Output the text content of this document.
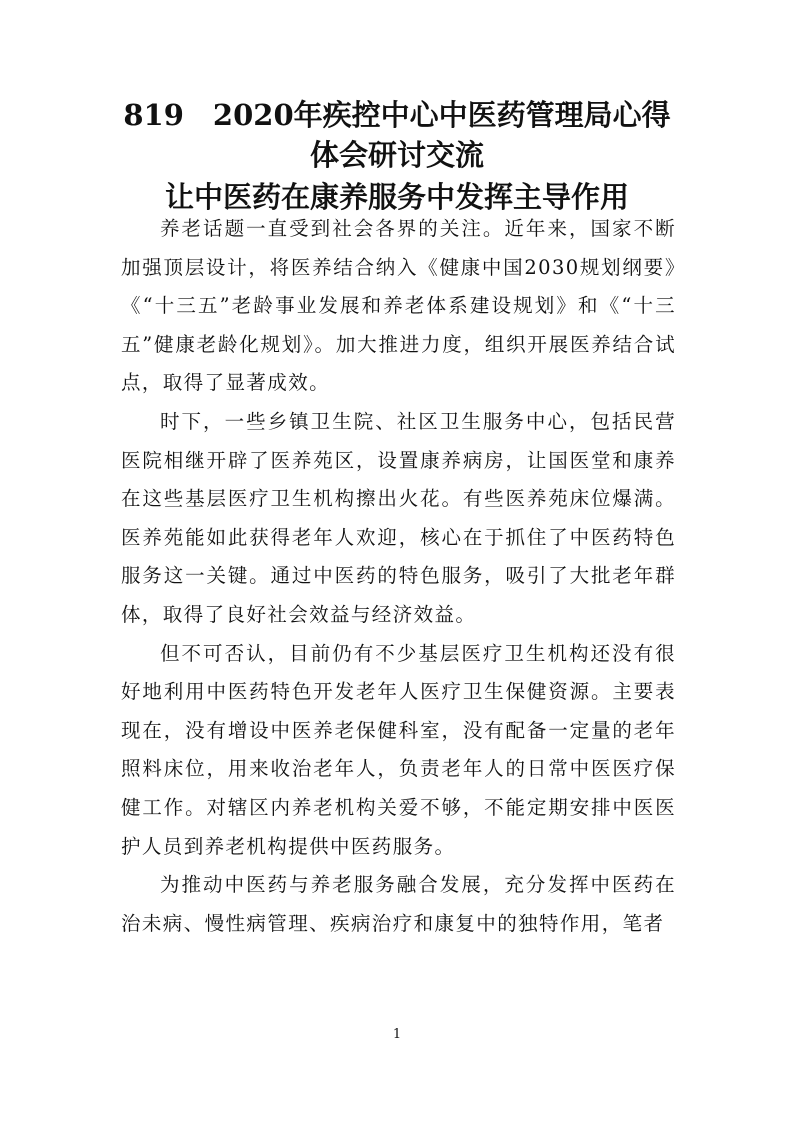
819　2020年疾控中心中医药管理局心得
体会研讨交流
让中医药在康养服务中发挥主导作用

养老话题一直受到社会各界的关注。近年来，国家不断加强顶层设计，将医养结合纳入《健康中国2030规划纲要》《“十三五”老龄事业发展和养老体系建设规划》和《“十三五”健康老龄化规划》。加大推进力度，组织开展医养结合试点，取得了显著成效。

时下，一些乡镇卫生院、社区卫生服务中心，包括民营医院相继开辟了医养苑区，设置康养病房，让国医堂和康养在这些基层医疗卫生机构擦出火花。有些医养苑床位爆满。医养苑能如此获得老年人欢迎，核心在于抓住了中医药特色服务这一关键。通过中医药的特色服务，吸引了大批老年群体，取得了良好社会效益与经济效益。

但不可否认，目前仍有不少基层医疗卫生机构还没有很好地利用中医药特色开发老年人医疗卫生保健资源。主要表现在，没有增设中医养老保健科室，没有配备一定量的老年照料床位，用来收治老年人，负责老年人的日常中医医疗保健工作。对辖区内养老机构关爱不够，不能定期安排中医医护人员到养老机构提供中医药服务。

为推动中医药与养老服务融合发展，充分发挥中医药在治未病、慢性病管理、疾病治疗和康复中的独特作用，笔者

1
